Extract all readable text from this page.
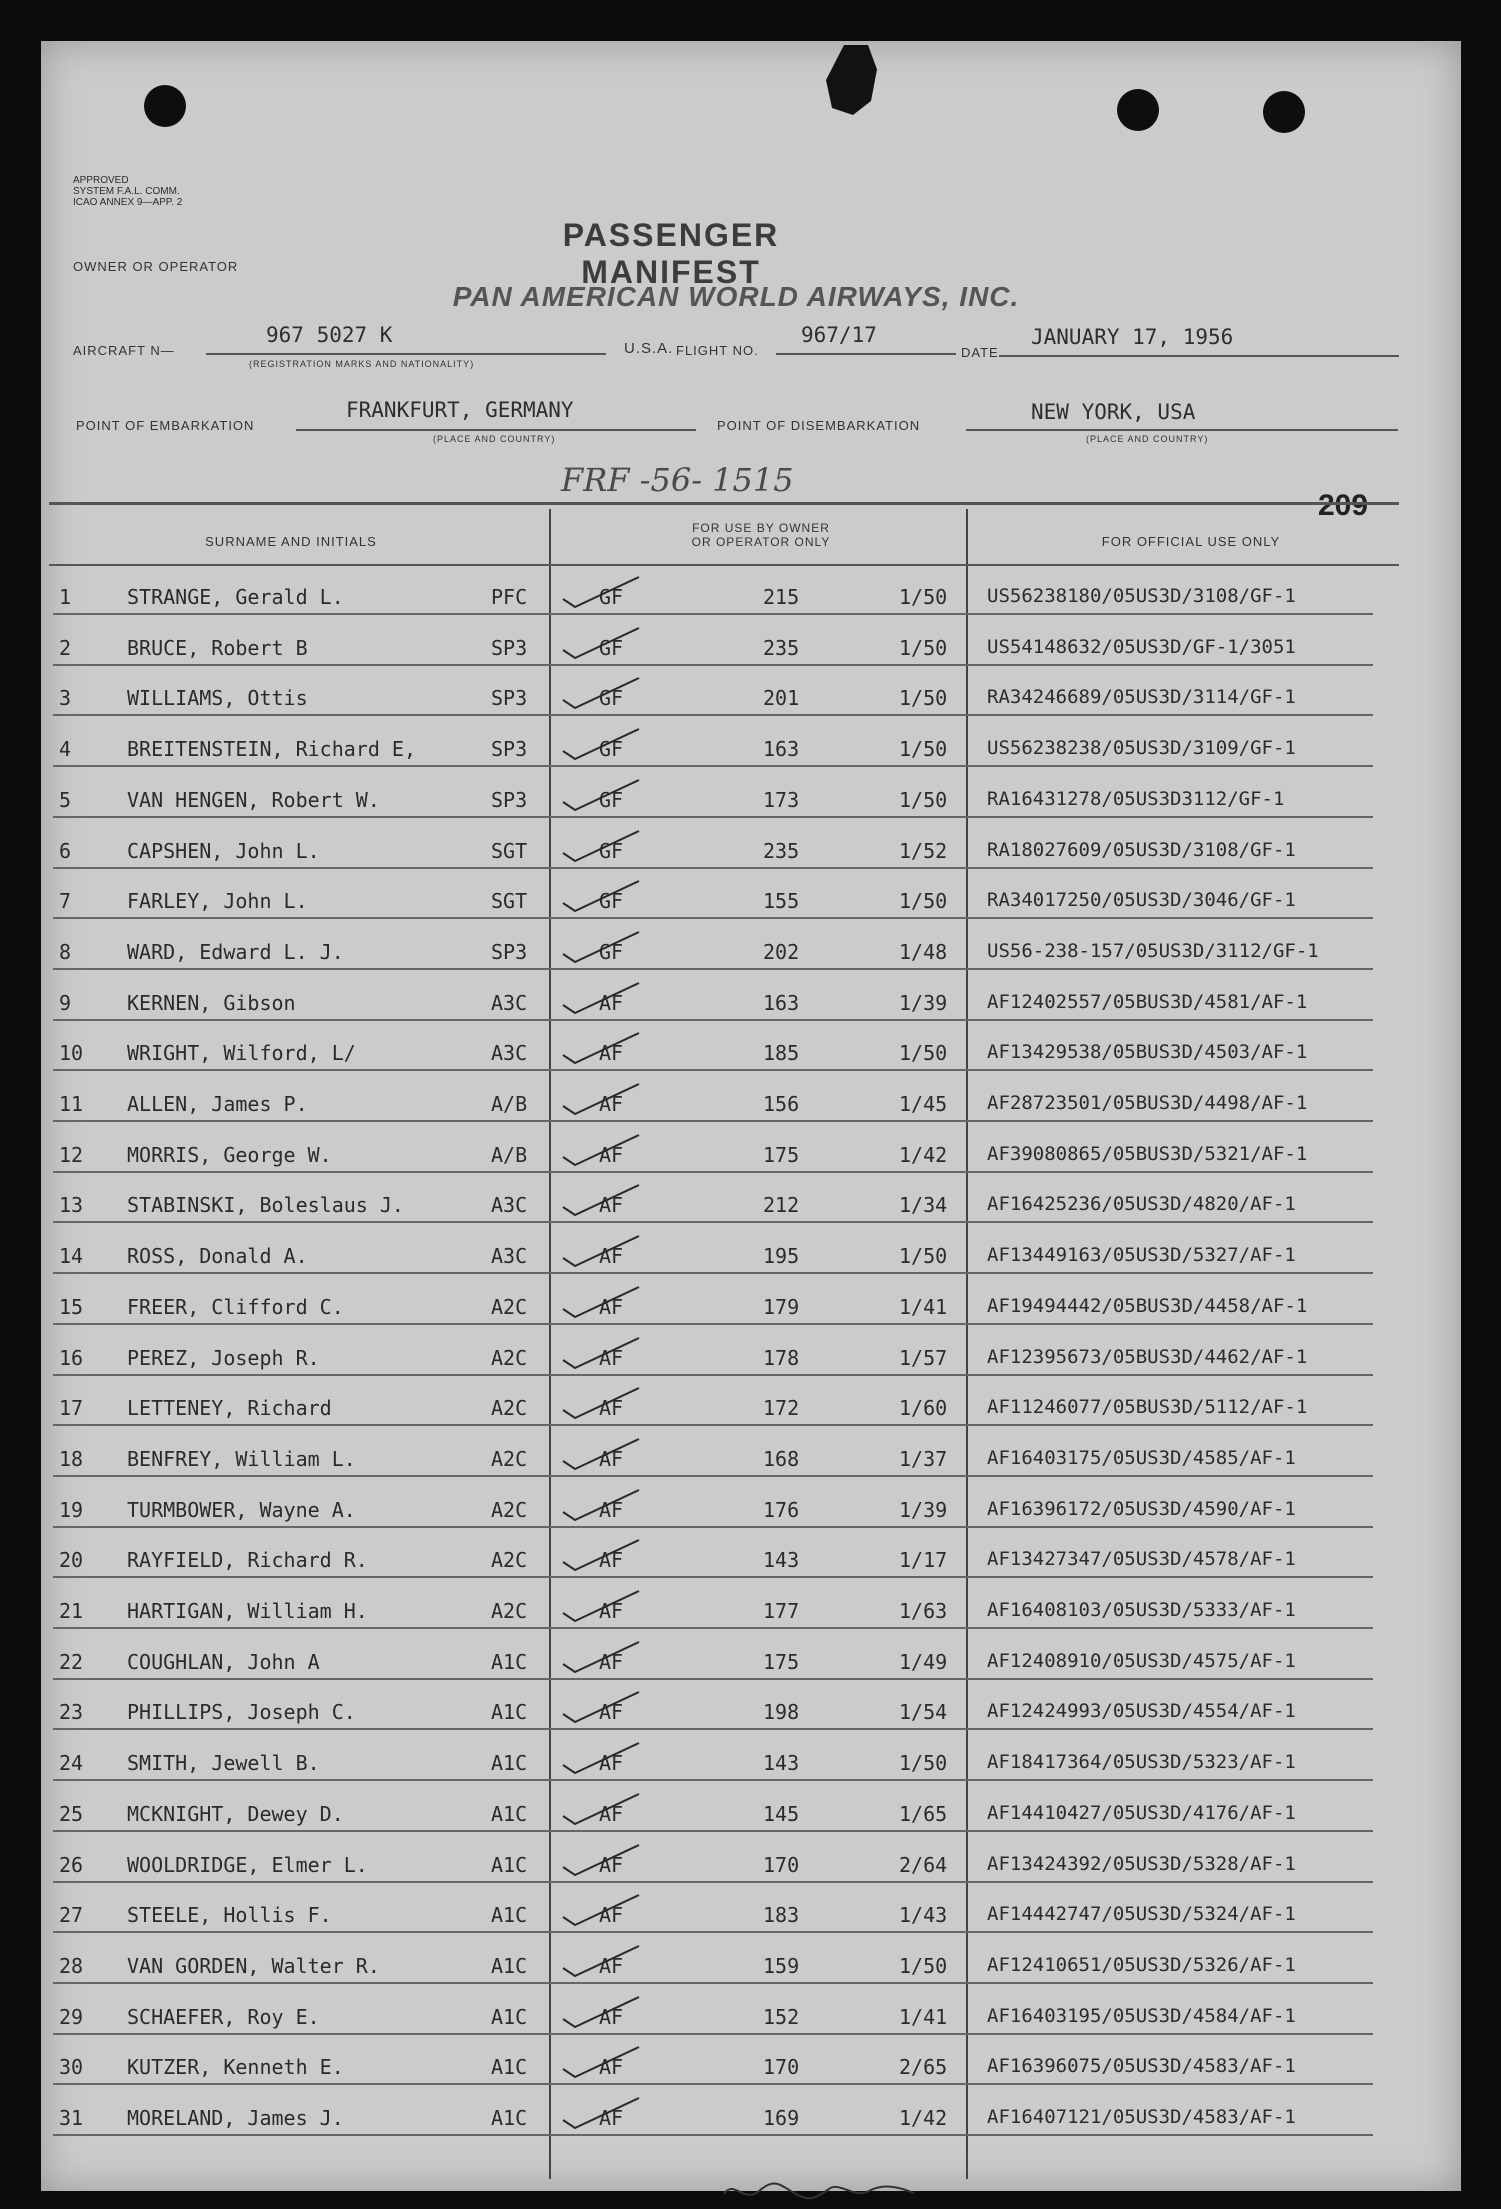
APPROVED
SYSTEM F.A.L. COMM.
ICAO ANNEX 9—APP. 2
PASSENGER MANIFEST
OWNER OR OPERATOR
PAN AMERICAN WORLD AIRWAYS, INC.
AIRCRAFT N—
967 5027 K
(REGISTRATION MARKS AND NATIONALITY)
U.S.A. FLIGHT NO.
967/17
DATE
JANUARY 17, 1956
POINT OF EMBARKATION
FRANKFURT, GERMANY
(PLACE AND COUNTRY)
POINT OF DISEMBARKATION
NEW YORK, USA
(PLACE AND COUNTRY)
FRF -56- 1515
209
SURNAME AND INITIALS
FOR USE BY OWNER
OR OPERATOR ONLY	FOR OFFICIAL USE ONLY
1	STRANGE, Gerald L.	PFC	GF	215	1/50 US56238180/05US3D/3108/GF-1
2	BRUCE, Robert B	SP3	GF	235	1/50 US54148632/05US3D/GF-1/3051
3	WILLIAMS, Ottis	SP3	GF	201	1/50 RA34246689/05US3D/3114/GF-1
4	BREITENSTEIN, Richard E,	SP3	GF	163	1/50 US56238238/05US3D/3109/GF-1
5	VAN HENGEN, Robert W.	SP3	GF	173	1/50 RA16431278/05US3D3112/GF-1
6	CAPSHEN, John L.	SGT	GF	235	1/52 RA18027609/05US3D/3108/GF-1
7	FARLEY, John L.	SGT	GF	155	1/50 RA34017250/05US3D/3046/GF-1
8	WARD, Edward L. J.	SP3	GF	202	1/48 US56-238-157/05US3D/3112/GF-1
9	KERNEN, Gibson	A3C	AF	163	1/39 AF12402557/05BUS3D/4581/AF-1
10	WRIGHT, Wilford, L/	A3C	AF	185	1/50 AF13429538/05BUS3D/4503/AF-1
11	ALLEN, James P.	A/B	AF	156	1/45 AF28723501/05BUS3D/4498/AF-1
12	MORRIS, George W.	A/B	AF	175	1/42 AF39080865/05BUS3D/5321/AF-1
13	STABINSKI, Boleslaus J.	A3C	AF	212	1/34 AF16425236/05US3D/4820/AF-1
14	ROSS, Donald A.	A3C	AF	195	1/50 AF13449163/05US3D/5327/AF-1
15	FREER, Clifford C.	A2C	AF	179	1/41 AF19494442/05BUS3D/4458/AF-1
16	PEREZ, Joseph R.	A2C	AF	178	1/57 AF12395673/05BUS3D/4462/AF-1
17	LETTENEY, Richard	A2C	AF	172	1/60 AF11246077/05BUS3D/5112/AF-1
18	BENFREY, William L.	A2C	AF	168	1/37 AF16403175/05US3D/4585/AF-1
19	TURMBOWER, Wayne A.	A2C	AF	176	1/39 AF16396172/05US3D/4590/AF-1
20	RAYFIELD, Richard R.	A2C	AF	143	1/17 AF13427347/05US3D/4578/AF-1
21	HARTIGAN, William H.	A2C	AF	177	1/63 AF16408103/05US3D/5333/AF-1
22	COUGHLAN, John A	A1C	AF	175	1/49 AF12408910/05US3D/4575/AF-1
23	PHILLIPS, Joseph C.	A1C	AF	198	1/54 AF12424993/05US3D/4554/AF-1
24	SMITH, Jewell B.	A1C	AF	143	1/50 AF18417364/05US3D/5323/AF-1
25	MCKNIGHT, Dewey D.	A1C	AF	145	1/65 AF14410427/05US3D/4176/AF-1
26	WOOLDRIDGE, Elmer L.	A1C	AF	170	2/64 AF13424392/05US3D/5328/AF-1
27	STEELE, Hollis F.	A1C	AF	183	1/43 AF14442747/05US3D/5324/AF-1
28	VAN GORDEN, Walter R.	A1C	AF	159	1/50 AF12410651/05US3D/5326/AF-1
29	SCHAEFER, Roy E.	A1C	AF	152	1/41 AF16403195/05US3D/4584/AF-1
30	KUTZER, Kenneth E.	A1C	AF	170	2/65 AF16396075/05US3D/4583/AF-1
31	MORELAND, James J.	A1C	AF	169	1/42 AF16407121/05US3D/4583/AF-1
